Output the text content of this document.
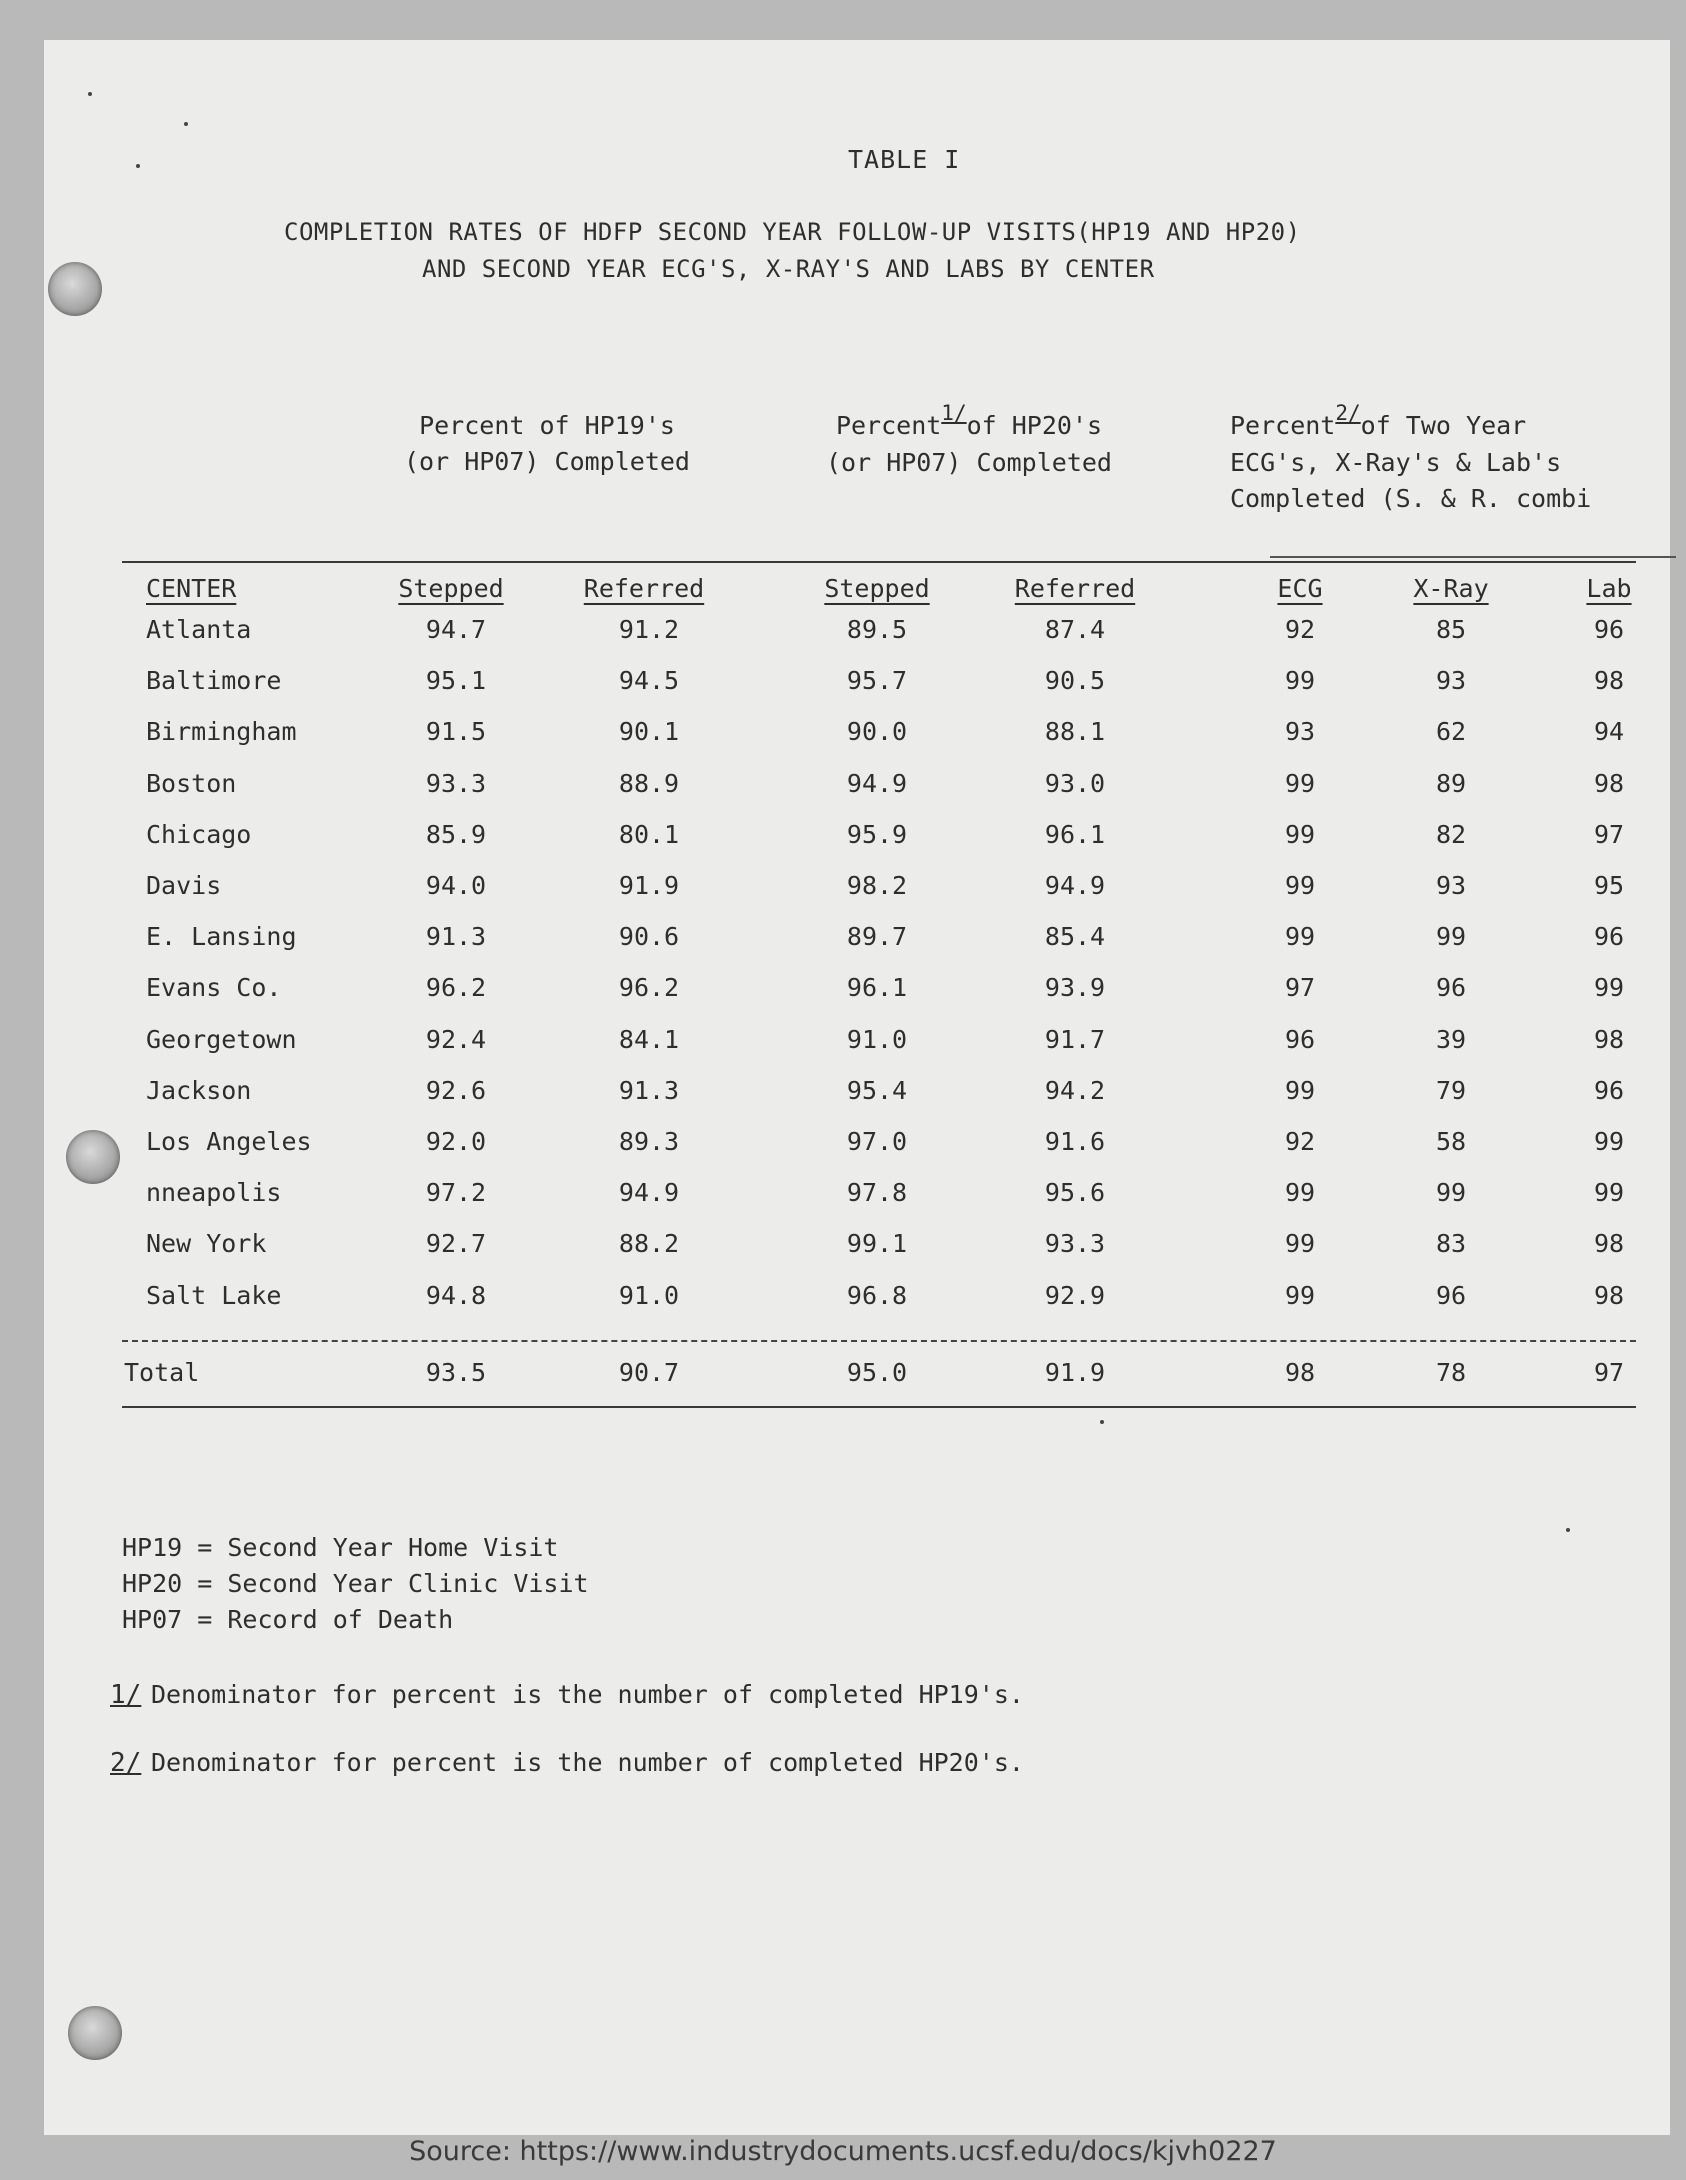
TABLE I
COMPLETION RATES OF HDFP SECOND YEAR FOLLOW-UP VISITS(HP19 AND HP20)
AND SECOND YEAR ECG'S, X-RAY'S AND LABS BY CENTER
Percent of HP19's
(or HP07) Completed
Percent$^{1/}$of HP20's
(or HP07) Completed
Percent$^{2/}$of Two Year
ECG's, X-Ray's & Lab's
Completed (S. & R. combi
CENTER	Stepped	Referred	Stepped	Referred	ECG	X-Ray	Lab
Atlanta	94.7	91.2	89.5	87.4	92	85	96
Baltimore	95.1	94.5	95.7	90.5	99	93	98
Birmingham	91.5	90.1	90.0	88.1	93	62	94
Boston	93.3	88.9	94.9	93.0	99	89	98
Chicago	85.9	80.1	95.9	96.1	99	82	97
Davis	94.0	91.9	98.2	94.9	99	93	95
E. Lansing	91.3	90.6	89.7	85.4	99	99	96
Evans Co.	96.2	96.2	96.1	93.9	97	96	99
Georgetown	92.4	84.1	91.0	91.7	96	39	98
Jackson	92.6	91.3	95.4	94.2	99	79	96
Los Angeles	92.0	89.3	97.0	91.6	92	58	99
nneapolis	97.2	94.9	97.8	95.6	99	99	99
New York	92.7	88.2	99.1	93.3	99	83	98
Salt Lake	94.8	91.0	96.8	92.9	99	96	98
Total	93.5	90.7	95.0	91.9	98	78	97
HP19 = Second Year Home Visit
HP20 = Second Year Clinic Visit
HP07 = Record of Death
1/ Denominator for percent is the number of completed HP19's.
2/ Denominator for percent is the number of completed HP20's.
Source: https://www.industrydocuments.ucsf.edu/docs/kjvh0227
